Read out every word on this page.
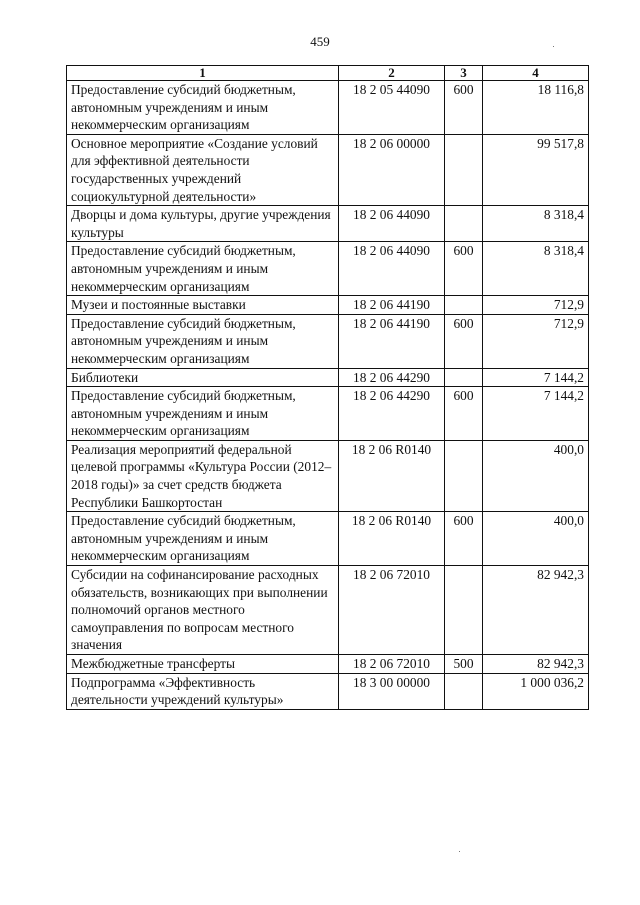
459
1	2	3	4
Предоставление субсидий бюджетным, автономным учреждениям и иным некоммерческим организациям	18 2 05 44090	600	18 116,8
Основное мероприятие «Создание условий для эффективной деятельности государственных учреждений социокультурной деятельности»	18 2 06 00000		99 517,8
Дворцы и дома культуры, другие учреждения культуры	18 2 06 44090		8 318,4
Предоставление субсидий бюджетным, автономным учреждениям и иным некоммерческим организациям	18 2 06 44090	600	8 318,4
Музеи и постоянные выставки	18 2 06 44190		712,9
Предоставление субсидий бюджетным, автономным учреждениям и иным некоммерческим организациям	18 2 06 44190	600	712,9
Библиотеки	18 2 06 44290		7 144,2
Предоставление субсидий бюджетным, автономным учреждениям и иным некоммерческим организациям	18 2 06 44290	600	7 144,2
Реализация мероприятий федеральной целевой программы «Культура России (2012–2018 годы)» за счет средств бюджета Республики Башкортостан	18 2 06 R0140		400,0
Предоставление субсидий бюджетным, автономным учреждениям и иным некоммерческим организациям	18 2 06 R0140	600	400,0
Субсидии на софинансирование расходных обязательств, возникающих при выполнении полномочий органов местного самоуправления по вопросам местного значения	18 2 06 72010		82 942,3
Межбюджетные трансферты	18 2 06 72010	500	82 942,3
Подпрограмма «Эффективность деятельности учреждений культуры»	18 3 00 00000		1 000 036,2
